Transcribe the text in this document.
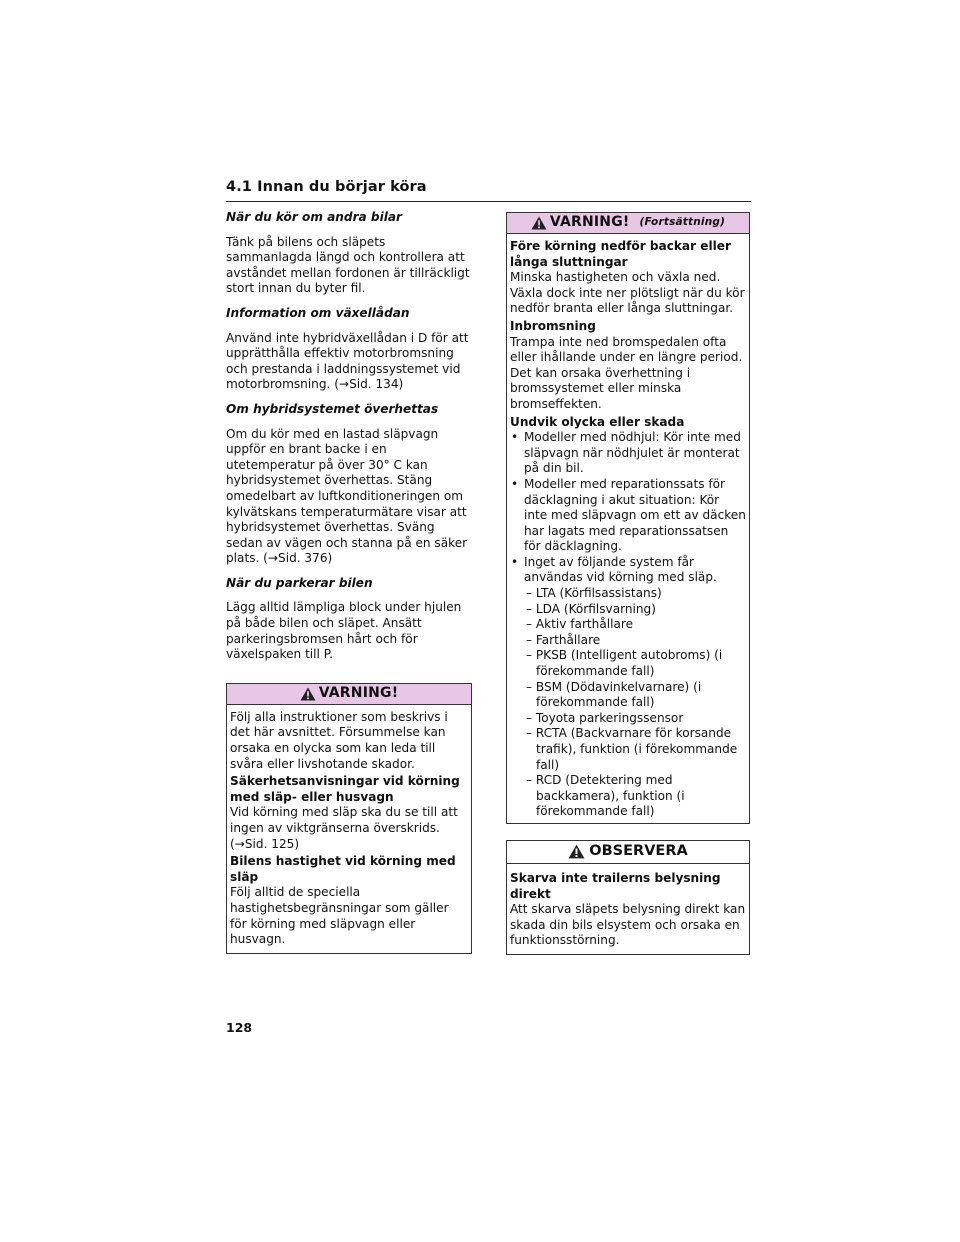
4.1 Innan du börjar köra
När du kör om andra bilar
Tänk på bilens och släpets sammanlagda längd och kontrollera att avståndet mellan fordonen är tillräckligt stort innan du byter fil.
Information om växellådan
Använd inte hybridväxellådan i D för att upprätthålla effektiv motorbromsning och prestanda i laddningssystemet vid motorbromsning. (→Sid. 134)
Om hybridsystemet överhettas
Om du kör med en lastad släpvagn uppför en brant backe i en utetemperatur på över 30° C kan hybridsystemet överhettas. Stäng omedelbart av luftkonditioneringen om kylvätskans temperaturmätare visar att hybridsystemet överhettas. Sväng sedan av vägen och stanna på en säker plats. (→Sid. 376)
När du parkerar bilen
Lägg alltid lämpliga block under hjulen på både bilen och släpet. Ansätt parkeringsbromsen hårt och för växelspaken till P.
VARNING!

Följ alla instruktioner som beskrivs i det här avsnittet. Försummelse kan orsaka en olycka som kan leda till svåra eller livshotande skador.

Säkerhetsanvisningar vid körning med släp- eller husvagn

Vid körning med släp ska du se till att ingen av viktgränserna överskrids. (→Sid. 125)

Bilens hastighet vid körning med släp

Följ alltid de speciella hastighetsbegränsningar som gäller för körning med släpvagn eller husvagn.

VARNING! (Fortsättning)

Före körning nedför backar eller långa sluttningar

Minska hastigheten och växla ned. Växla dock inte ner plötsligt när du kör nedför branta eller långa sluttningar.

Inbromsning

Trampa inte ned bromspedalen ofta eller ihållande under en längre period. Det kan orsaka överhettning i bromssystemet eller minska bromseffekten.

Undvik olycka eller skada

• Modeller med nödhjul: Kör inte med släpvagn när nödhjulet är monterat på din bil.
• Modeller med reparationssats för däcklagning i akut situation: Kör inte med släpvagn om ett av däcken har lagats med reparationssatsen för däcklagning.
• Inget av följande system får användas vid körning med släp.
– LTA (Körfilsassistans)
– LDA (Körfilsvarning)
– Aktiv farthållare
– Farthållare
– PKSB (Intelligent autobroms) (i förekommande fall)
– BSM (Dödavinkelvarnare) (i förekommande fall)
– Toyota parkeringssensor
– RCTA (Backvarnare för korsande trafik), funktion (i förekommande fall)
– RCD (Detektering med backkamera), funktion (i förekommande fall)
OBSERVERA

Skarva inte trailerns belysning direkt

Att skarva släpets belysning direkt kan skada din bils elsystem och orsaka en funktionsstörning.

128
